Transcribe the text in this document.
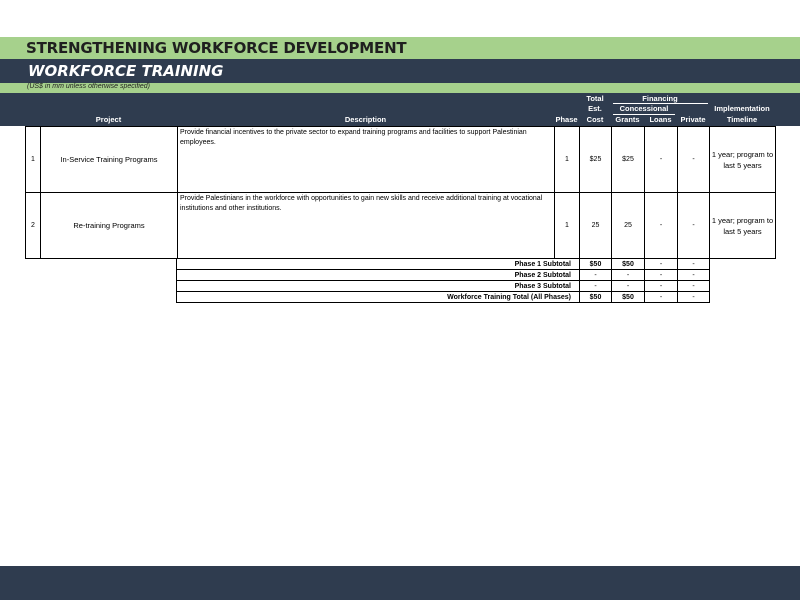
STRENGTHENING WORKFORCE DEVELOPMENT
WORKFORCE TRAINING
(US$ in mm unless otherwise specified)
Project	Description	Phase
Total
Est.
Cost
Financing
Concessional
Grants	Loans	Private
Implementation
Timeline
1	In-Service Training Programs	Provide financial incentives to the private sector to expand training programs and facilities to support Palestinian employees.	1	$25	$25	-	-	1 year; program to last 5 years
2	Re-training Programs	Provide Palestinians in the workforce with opportunities to gain new skills and receive additional training at vocational institutions and other institutions.	1	25	25	-	-	1 year; program to last 5 years
Phase 1 Subtotal	$50	$50	-	-
Phase 2 Subtotal	-	-	-	-
Phase 3 Subtotal	-	-	-	-
Workforce Training Total (All Phases)	$50	$50	-	-
